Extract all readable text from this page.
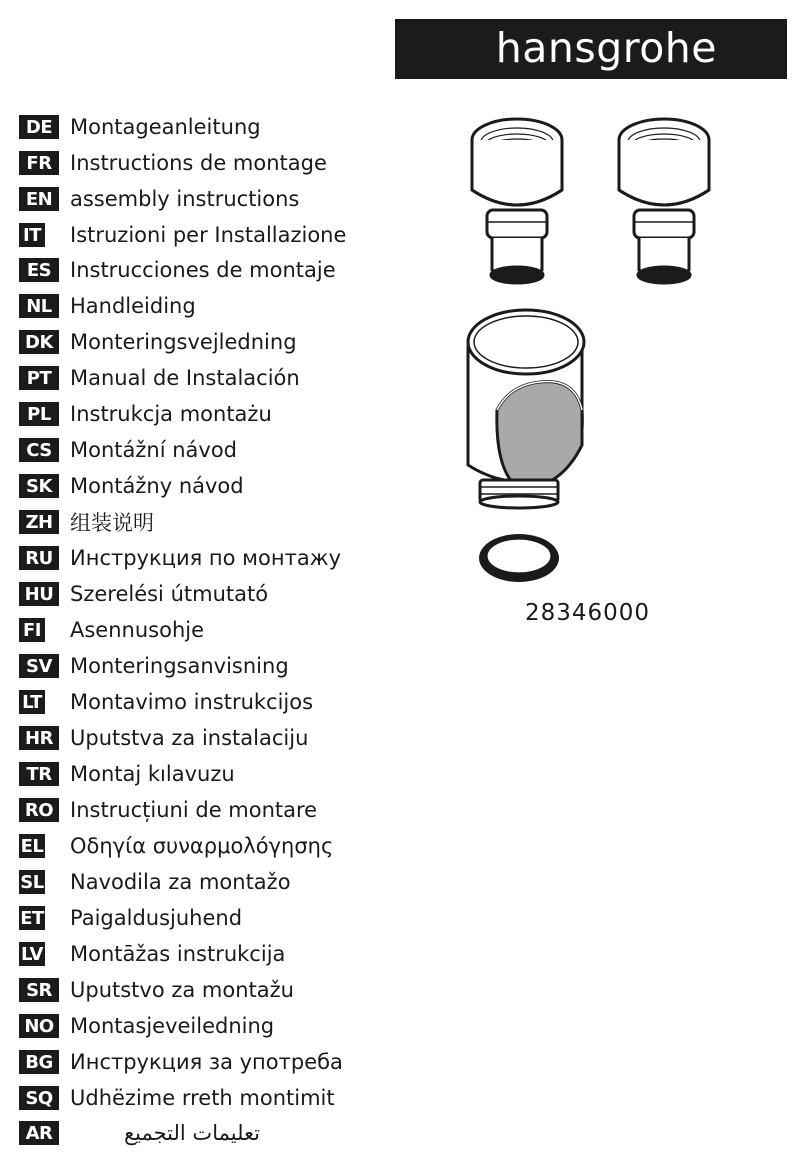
hansgrohe
DE Montageanleitung
FR Instructions de montage
EN assembly instructions
IT Istruzioni per Installazione
ES Instrucciones de montaje
NL Handleiding
DK Monteringsvejledning
PT Manual de Instalación
PL Instrukcja montażu
CS Montážní návod
SK Montážny návod
ZH 组装说明
RU Инструкция по монтажу
HU Szerelési útmutató
FI Asennusohje
SV Monteringsanvisning
LT Montavimo instrukcijos
HR Uputstva za instalaciju
TR Montaj kılavuzu
RO Instrucțiuni de montare
EL Οδηγία συναρμολόγησης
SL Navodila za montažo
ET Paigaldusjuhend
LV Montāžas instrukcija
SR Uputstvo za montažu
NO Montasjeveiledning
BG Инструкция за употреба
SQ Udhëzime rreth montimit
AR	تعليمات التجميع
28346000
